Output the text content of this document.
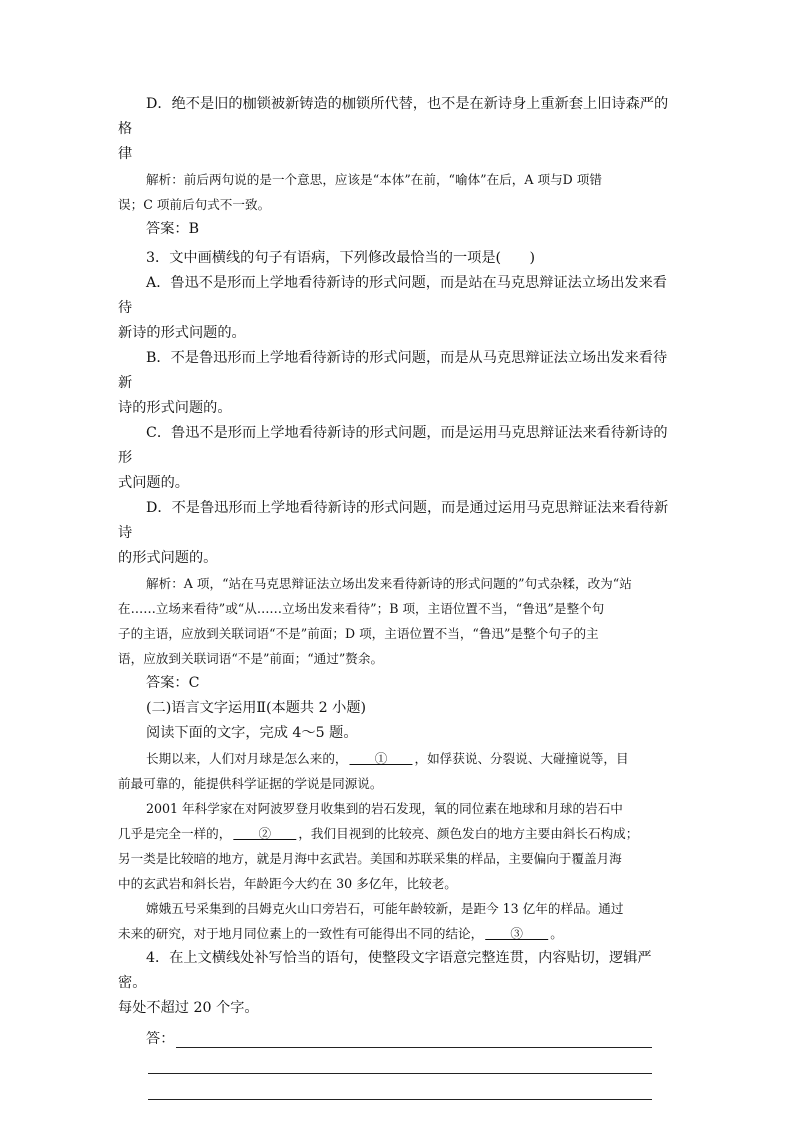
D．绝不是旧的枷锁被新铸造的枷锁所代替，也不是在新诗身上重新套上旧诗森严的格

律

解析：前后两句说的是一个意思，应该是“本体”在前，“喻体”在后，A 项与D 项错

误；C 项前后句式不一致。

答案：B

3．文中画横线的句子有语病，下列修改最恰当的一项是(　　)

A．鲁迅不是形而上学地看待新诗的形式问题，而是站在马克思辩证法立场出发来看待

新诗的形式问题的。

B．不是鲁迅形而上学地看待新诗的形式问题，而是从马克思辩证法立场出发来看待新

诗的形式问题的。

C．鲁迅不是形而上学地看待新诗的形式问题，而是运用马克思辩证法来看待新诗的形

式问题的。

D．不是鲁迅形而上学地看待新诗的形式问题，而是通过运用马克思辩证法来看待新诗

的形式问题的。

解析：A 项，“站在马克思辩证法立场出发来看待新诗的形式问题的”句式杂糅，改为“站

在……立场来看待”或“从……立场出发来看待”；B 项，主语位置不当，“鲁迅”是整个句

子的主语，应放到关联词语“不是”前面；D 项，主语位置不当，“鲁迅”是整个句子的主

语，应放到关联词语“不是”前面；“通过”赘余。

答案：C

(二)语言文字运用Ⅱ(本题共 2 小题)

阅读下面的文字，完成 4～5 题。

长期以来，人们对月球是怎么来的，　　①　　，如俘获说、分裂说、大碰撞说等，目

前最可靠的，能提供科学证据的学说是同源说。

2001 年科学家在对阿波罗登月收集到的岩石发现，氧的同位素在地球和月球的岩石中

几乎是完全一样的，　　②　　，我们目视到的比较亮、颜色发白的地方主要由斜长石构成；

另一类是比较暗的地方，就是月海中玄武岩。美国和苏联采集的样品，主要偏向于覆盖月海

中的玄武岩和斜长岩，年龄距今大约在 30 多亿年，比较老。

嫦娥五号采集到的吕姆克火山口旁岩石，可能年龄较新，是距今 13 亿年的样品。通过

未来的研究，对于地月同位素上的一致性有可能得出不同的结论，　　③　　。

4．在上文横线处补写恰当的语句，使整段文字语意完整连贯，内容贴切，逻辑严密。

每处不超过 20 个字。

答：
